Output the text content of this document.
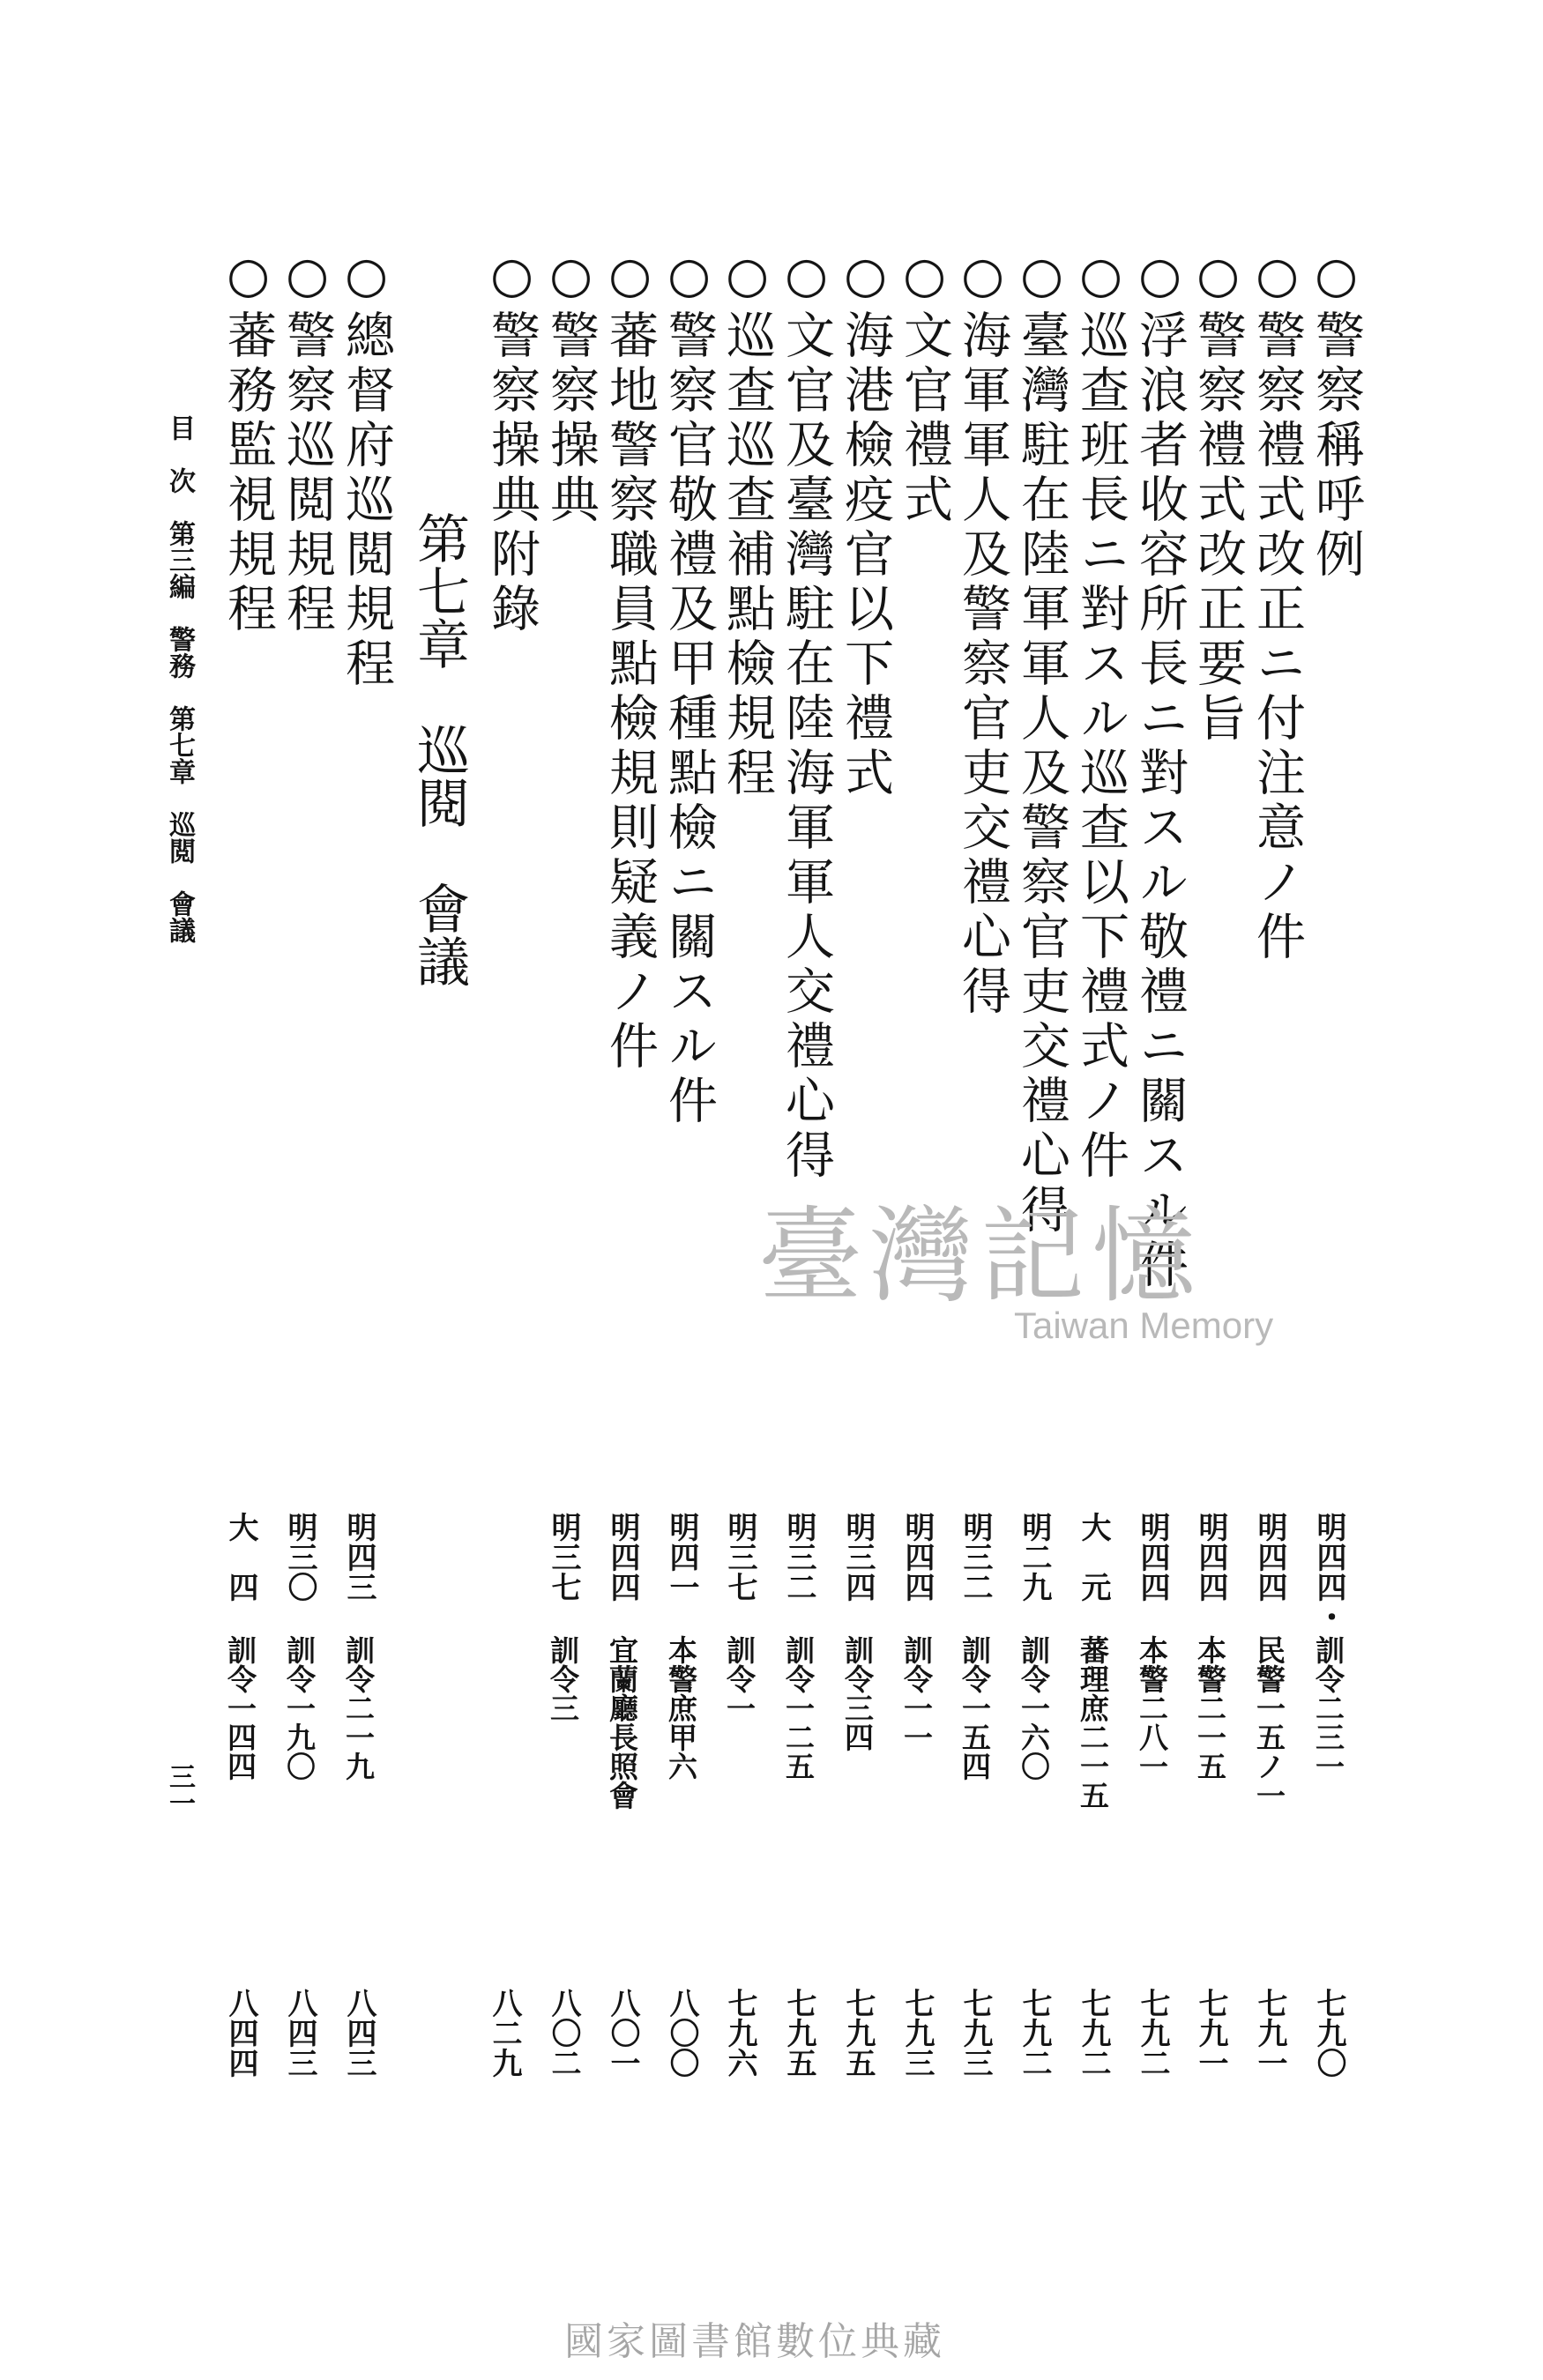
○警察稱呼例
明四四・
訓令二三一
七九〇
○警察禮式改正ニ付注意ノ件
明四四
民警一五ノ一
七九一
○警察禮式改正要旨
明四四
本警二一五
七九一
○浮浪者收容所長ニ對スル敬禮ニ關スル件
明四四
本警二八一
七九二
○巡查班長ニ對スル巡查以下禮式ノ件
大　元
蕃理庶二一五
七九二
○臺灣駐在陸軍軍人及警察官吏交禮心得
明二九
訓令一六〇
七九二
○海軍軍人及警察官吏交禮心得
明三二
訓令一五四
七九三
○文官禮式
明四四
訓令一一
七九三
○海港檢疫官以下禮式
明三四
訓令三四
七九五
○文官及臺灣駐在陸海軍軍人交禮心得
明三二
訓令一二五
七九五
○巡查巡查補點檢規程
明三七
訓令一
七九六
○警察官敬禮及甲種點檢ニ關スル件
明四一
本警庶甲六
八〇〇
○蕃地警察職員點檢規則疑義ノ件
明四四
宜蘭廳長照會
八〇一
○警察操典
明三七
訓令三
八〇二
○警察操典附錄
八二九
第七章　巡閱　會議
○總督府巡閲規程
明四三
訓令二一九
八四三
○警察巡閲規程
明三〇
訓令一九〇
八四三
○蕃務監視規程
大　四
訓令一四四
八四四
目　次　第三編　警務　第七章　巡閲　會議
三一
臺灣記憶
Taiwan Memory
國家圖書館數位典藏
